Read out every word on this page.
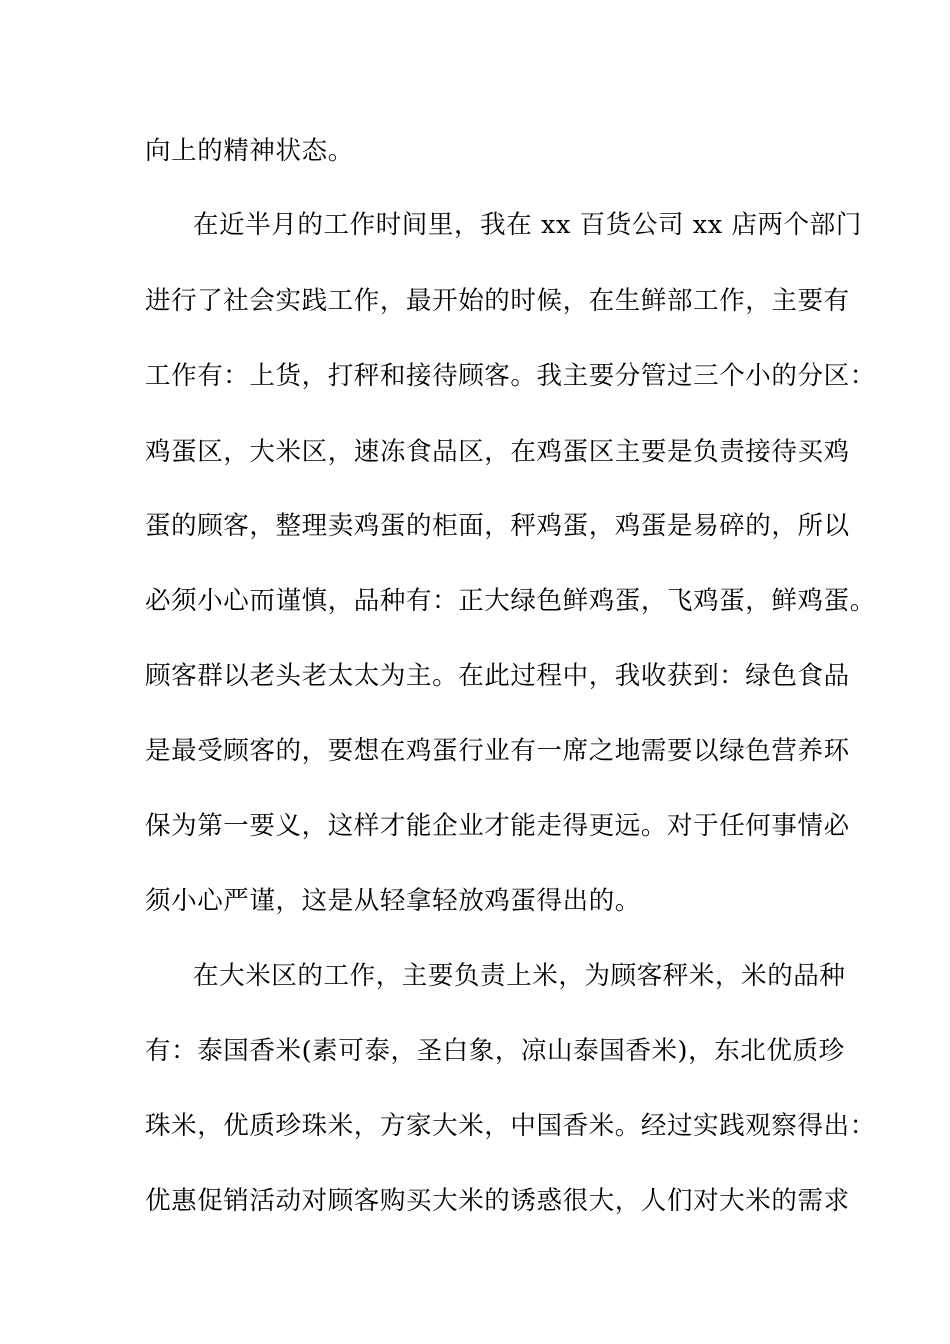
向上的精神状态。
在近半月的工作时间里，我在 xx 百货公司 xx 店两个部门
进行了社会实践工作，最开始的时候，在生鲜部工作，主要有
工作有：上货，打秤和接待顾客。我主要分管过三个小的分区：
鸡蛋区，大米区，速冻食品区，在鸡蛋区主要是负责接待买鸡
蛋的顾客，整理卖鸡蛋的柜面，秤鸡蛋，鸡蛋是易碎的，所以
必须小心而谨慎，品种有：正大绿色鲜鸡蛋，飞鸡蛋，鲜鸡蛋。
顾客群以老头老太太为主。在此过程中，我收获到：绿色食品
是最受顾客的，要想在鸡蛋行业有一席之地需要以绿色营养环
保为第一要义，这样才能企业才能走得更远。对于任何事情必
须小心严谨，这是从轻拿轻放鸡蛋得出的。
在大米区的工作，主要负责上米，为顾客秤米，米的品种
有：泰国香米(素可泰，圣白象，凉山泰国香米)，东北优质珍
珠米，优质珍珠米，方家大米，中国香米。经过实践观察得出：
优惠促销活动对顾客购买大米的诱惑很大，人们对大米的需求
